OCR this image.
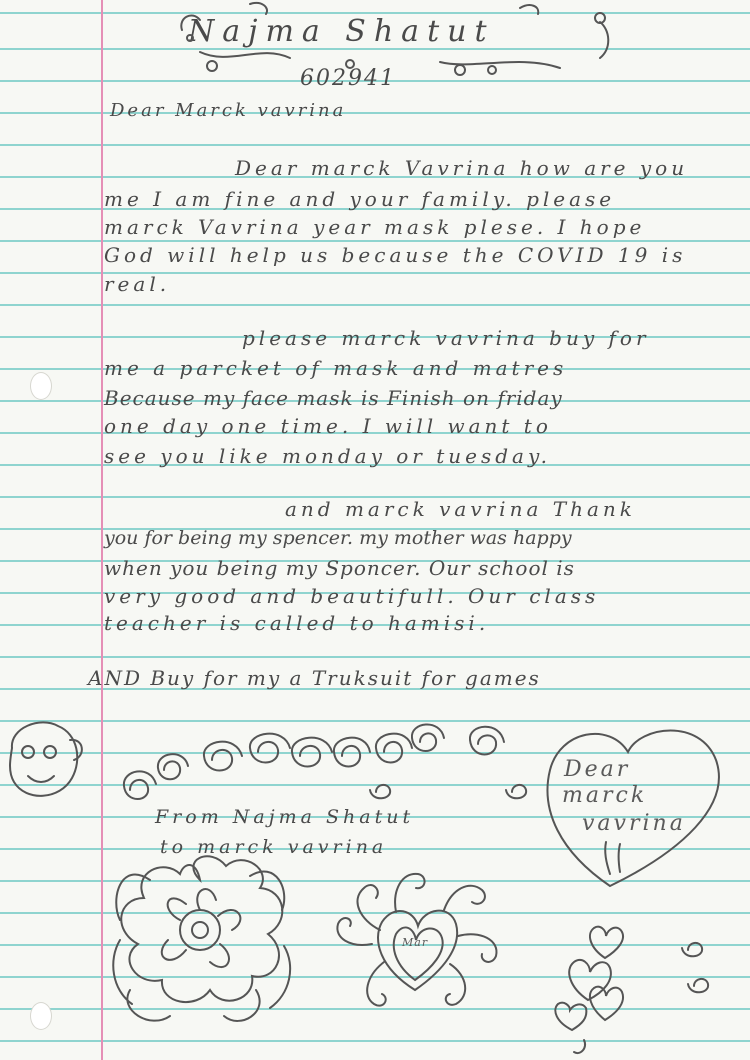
Najma Shatut
602941
Dear Marck vavrina
Dear marck Vavrina how are you
me I am fine and your family. please
marck Vavrina year mask plese. I hope
God will help us because the COVID 19 is
real.
please marck vavrina buy for
me a parcket of mask and matres
Because my face mask is Finish on friday
one day one time. I will want to
see you like monday or tuesday.
and marck vavrina Thank
you for being my spencer. my mother was happy
when you being my Sponcer. Our school is
very good and beautifull. Our class
teacher is called to hamisi.
AND Buy for my a Truksuit for games
From Najma Shatut
to marck vavrina
Dear
marck
vavrina
Mar
